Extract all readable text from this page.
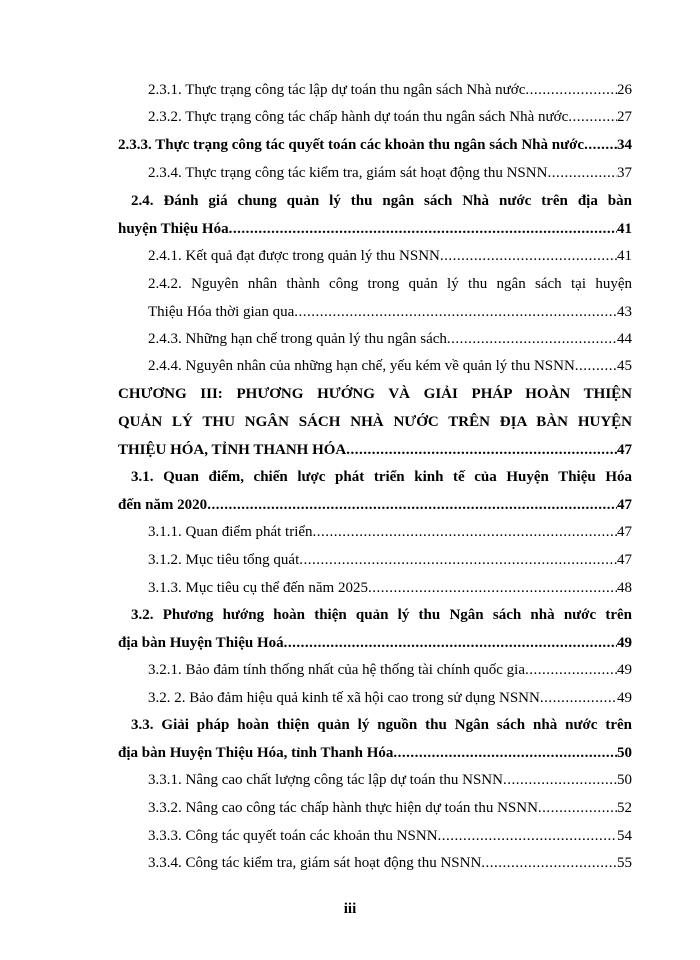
2.3.1. Thực trạng công tác lập dự toán thu ngân sách Nhà nước .....	26
2.3.2. Thực trạng công tác chấp hành dự toán thu ngân sách Nhà nước .....	27
2.3.3. Thực trạng công tác quyết toán các khoản thu ngân sách Nhà nước ..... 34
2.3.4. Thực trạng công tác kiểm tra, giám sát hoạt động thu NSNN .....	37
2.4. Đánh giá chung quản lý thu ngân sách Nhà nước trên địa bàn
huyện Thiệu Hóa .....	41
2.4.1. Kết quả đạt được trong quản lý thu NSNN .....	41
2.4.2. Nguyên nhân thành công trong quản lý thu ngân sách tại huyện
Thiệu Hóa thời gian qua .....	43
2.4.3. Những hạn chế trong quản lý thu ngân sách .....	44
2.4.4. Nguyên nhân của những hạn chế, yếu kém về quản lý thu NSNN .....	45
CHƯƠNG III: PHƯƠNG HƯỚNG VÀ GIẢI PHÁP HOÀN THIỆN
QUẢN LÝ THU NGÂN SÁCH NHÀ NƯỚC TRÊN ĐỊA BÀN HUYỆN
THIỆU HÓA, TỈNH THANH HÓA .....	47
3.1. Quan điểm, chiến lược phát triển kinh tế của Huyện Thiệu Hóa
đến năm 2020 .....	47
3.1.1. Quan điểm phát triển .....	47
3.1.2. Mục tiêu tổng quát .....	47
3.1.3. Mục tiêu cụ thể đến năm 2025 .....	48
3.2. Phương hướng hoàn thiện quản lý thu Ngân sách nhà nước trên
địa bàn Huyện Thiệu Hoá .....	49
3.2.1. Bảo đảm tính thống nhất của hệ thống tài chính quốc gia .....	49
3.2. 2. Bảo đảm hiệu quả kinh tế xã hội cao trong sử dụng NSNN .....	49
3.3. Giải pháp hoàn thiện quản lý nguồn thu Ngân sách nhà nước trên
địa bàn Huyện Thiệu Hóa, tỉnh Thanh Hóa .....	50
3.3.1. Nâng cao chất lượng công tác lập dự toán thu NSNN .....	50
3.3.2. Nâng cao công tác chấp hành thực hiện dự toán thu NSNN .....	52
3.3.3. Công tác quyết toán các khoản thu NSNN .....	54
3.3.4. Công tác kiểm tra, giám sát hoạt động thu NSNN .....	55
iii
